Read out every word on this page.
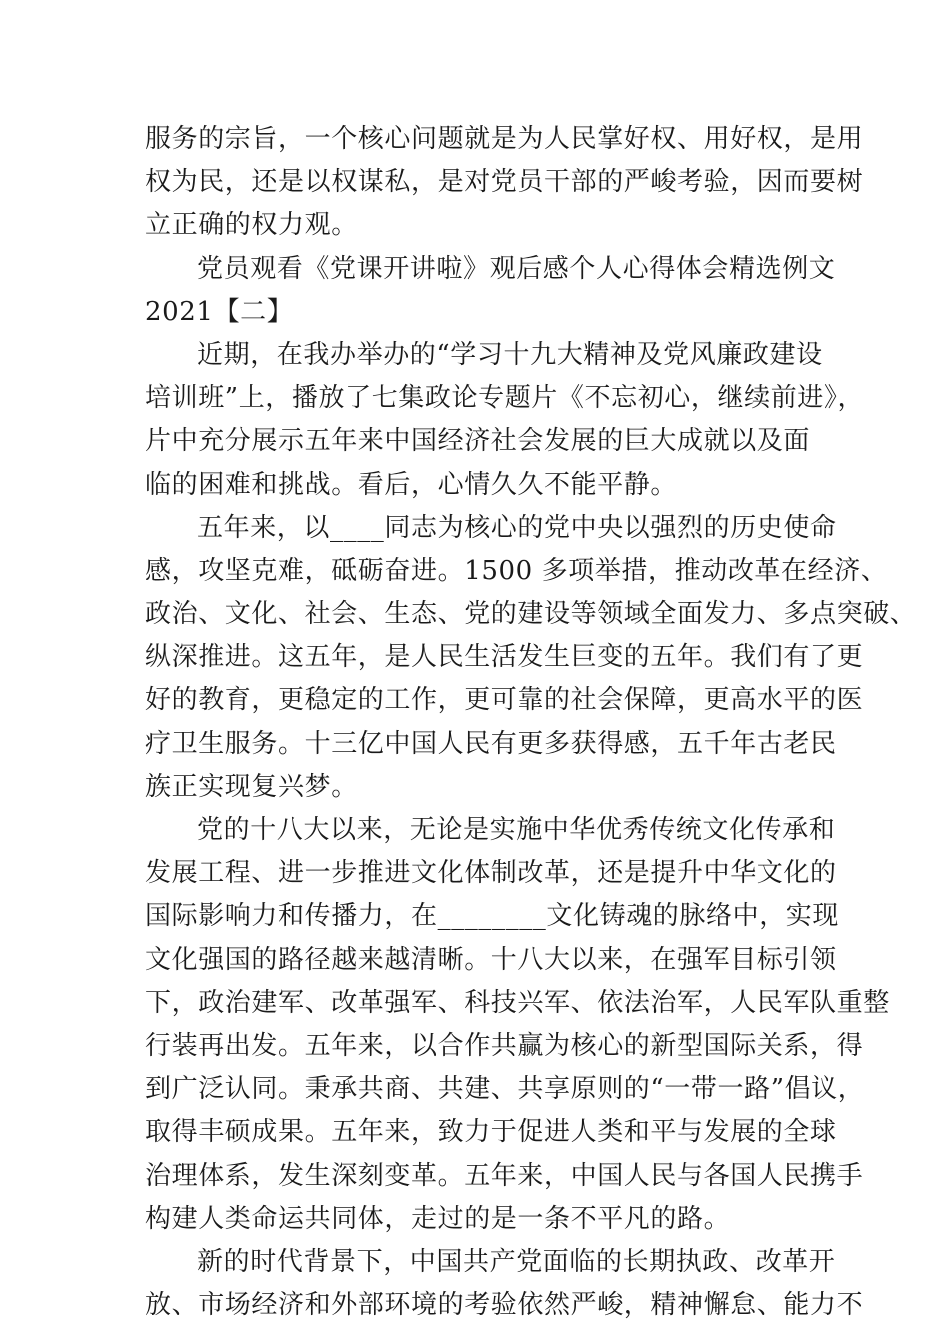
服务的宗旨，一个核心问题就是为人民掌好权、用好权，是用
权为民，还是以权谋私，是对党员干部的严峻考验，因而要树
立正确的权力观。
党员观看《党课开讲啦》观后感个人心得体会精选例文
2021【二】
近期，在我办举办的“学习十九大精神及党风廉政建设
培训班”上，播放了七集政论专题片《不忘初心，继续前进》，
片中充分展示五年来中国经济社会发展的巨大成就以及面
临的困难和挑战。看后，心情久久不能平静。
五年来，以____同志为核心的党中央以强烈的历史使命
感，攻坚克难，砥砺奋进。1500 多项举措，推动改革在经济、
政治、文化、社会、生态、党的建设等领域全面发力、多点突破、
纵深推进。这五年，是人民生活发生巨变的五年。我们有了更
好的教育，更稳定的工作，更可靠的社会保障，更高水平的医
疗卫生服务。十三亿中国人民有更多获得感，五千年古老民
族正实现复兴梦。
党的十八大以来，无论是实施中华优秀传统文化传承和
发展工程、进一步推进文化体制改革，还是提升中华文化的
国际影响力和传播力，在________文化铸魂的脉络中，实现
文化强国的路径越来越清晰。十八大以来，在强军目标引领
下，政治建军、改革强军、科技兴军、依法治军，人民军队重整
行装再出发。五年来，以合作共赢为核心的新型国际关系，得
到广泛认同。秉承共商、共建、共享原则的“一带一路”倡议，
取得丰硕成果。五年来，致力于促进人类和平与发展的全球
治理体系，发生深刻变革。五年来，中国人民与各国人民携手
构建人类命运共同体，走过的是一条不平凡的路。
新的时代背景下，中国共产党面临的长期执政、改革开
放、市场经济和外部环境的考验依然严峻，精神懈怠、能力不
